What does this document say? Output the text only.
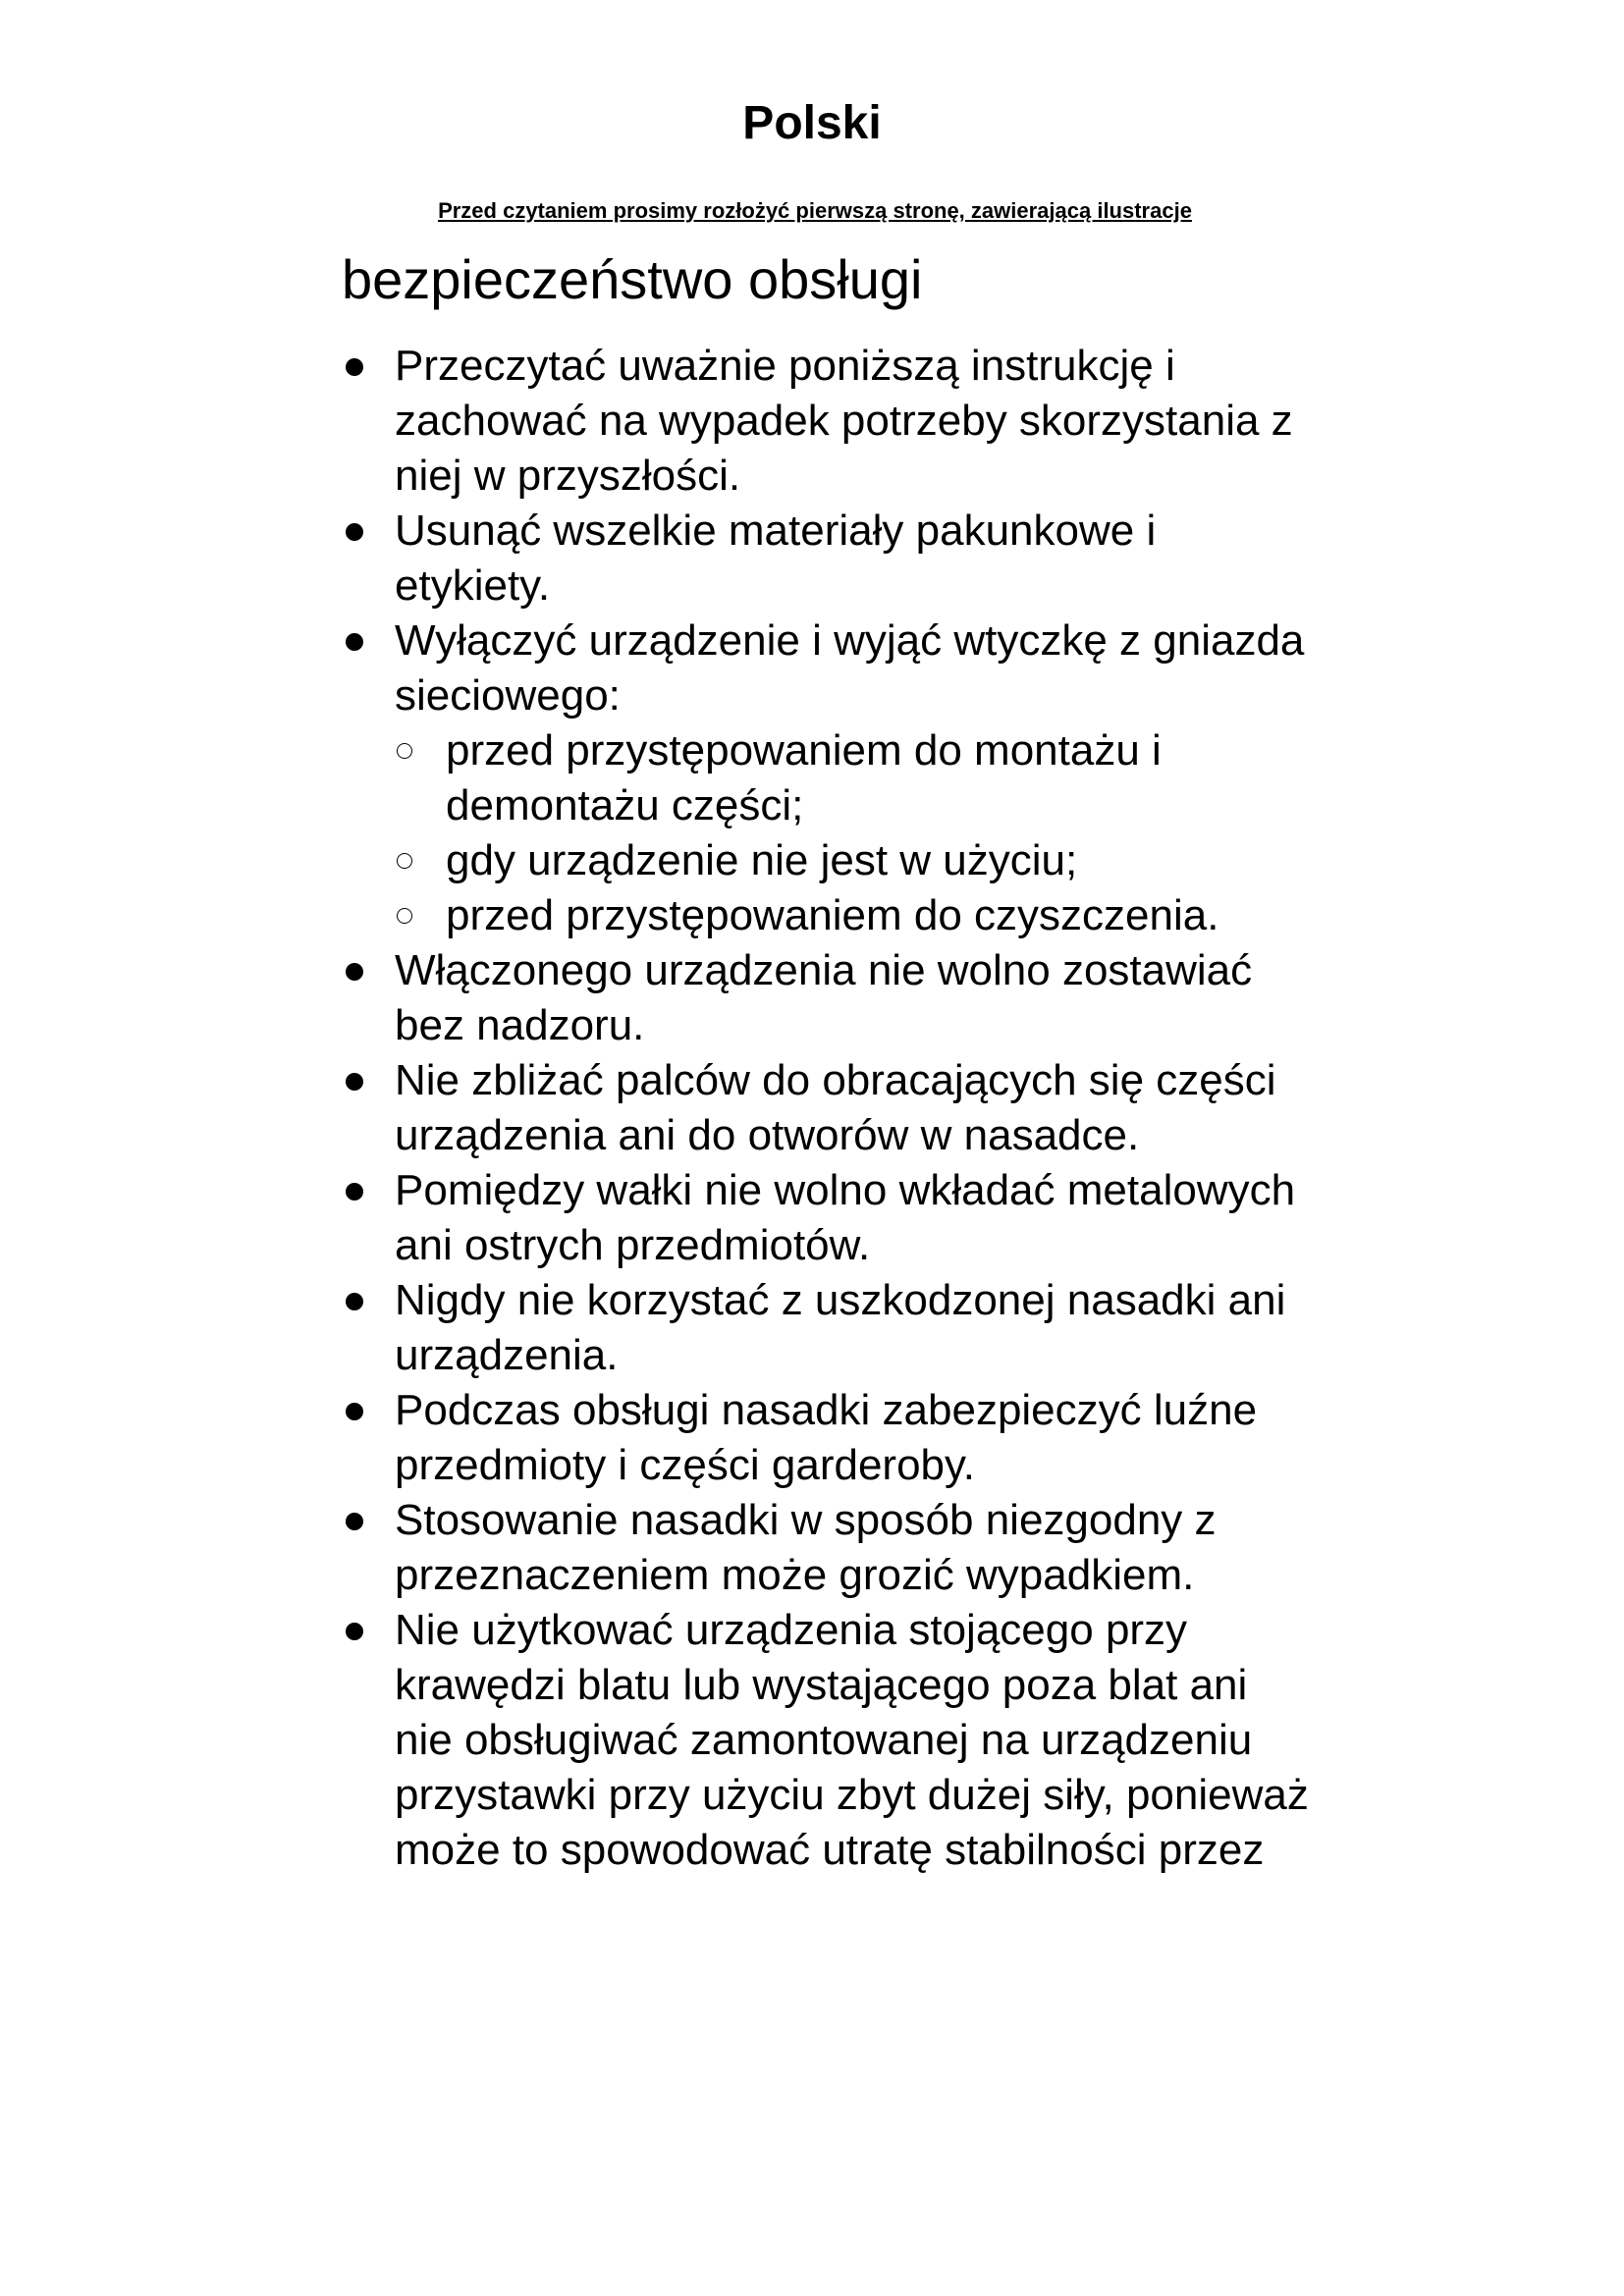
Polski
Przed czytaniem prosimy rozłożyć pierwszą stronę, zawierającą ilustracje
bezpieczeństwo obsługi
Przeczytać uważnie poniższą instrukcję i zachować na wypadek potrzeby skorzystania z niej w przyszłości.
Usunąć wszelkie materiały pakunkowe i etykiety.
Wyłączyć urządzenie i wyjąć wtyczkę z gniazda sieciowego:
przed przystępowaniem do montażu i demontażu części;
gdy urządzenie nie jest w użyciu;
przed przystępowaniem do czyszczenia.
Włączonego urządzenia nie wolno zostawiać bez nadzoru.
Nie zbliżać palców do obracających się części urządzenia ani do otworów w nasadce.
Pomiędzy wałki nie wolno wkładać metalowych ani ostrych przedmiotów.
Nigdy nie korzystać z uszkodzonej nasadki ani urządzenia.
Podczas obsługi nasadki zabezpieczyć luźne przedmioty i części garderoby.
Stosowanie nasadki w sposób niezgodny z przeznaczeniem może grozić wypadkiem.
Nie użytkować urządzenia stojącego przy krawędzi blatu lub wystającego poza blat ani nie obsługiwać zamontowanej na urządzeniu przystawki przy użyciu zbyt dużej siły, ponieważ może to spowodować utratę stabilności przez
